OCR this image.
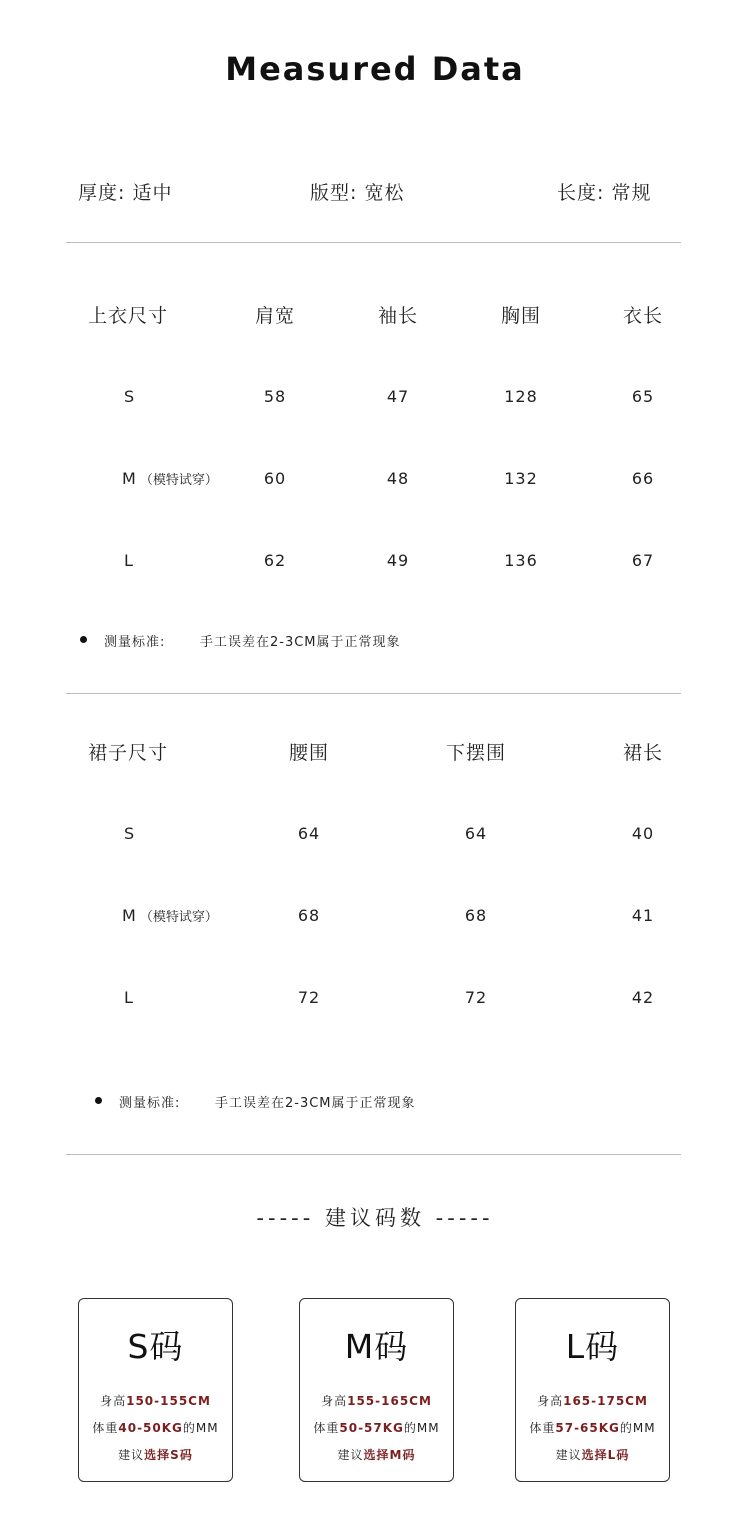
Measured Data
厚度: 适中	版型: 宽松	长度: 常规
上衣尺寸	肩宽	袖长	胸围	衣长
S	58	47	128	65
M （模特试穿）	60	48	132	66
L	62	49	136	67
测量标准:	手工误差在2-3CM属于正常现象
裙子尺寸	腰围	下摆围	裙长
S	64	64	40
M （模特试穿）	68	68	41
L	72	72	42
测量标准:	手工误差在2-3CM属于正常现象
----- 建议码数 -----
S码
身高150-155CM
体重40-50KG的MM
建议选择S码
M码
身高155-165CM
体重50-57KG的MM
建议选择M码
L码
身高165-175CM
体重57-65KG的MM
建议选择L码
